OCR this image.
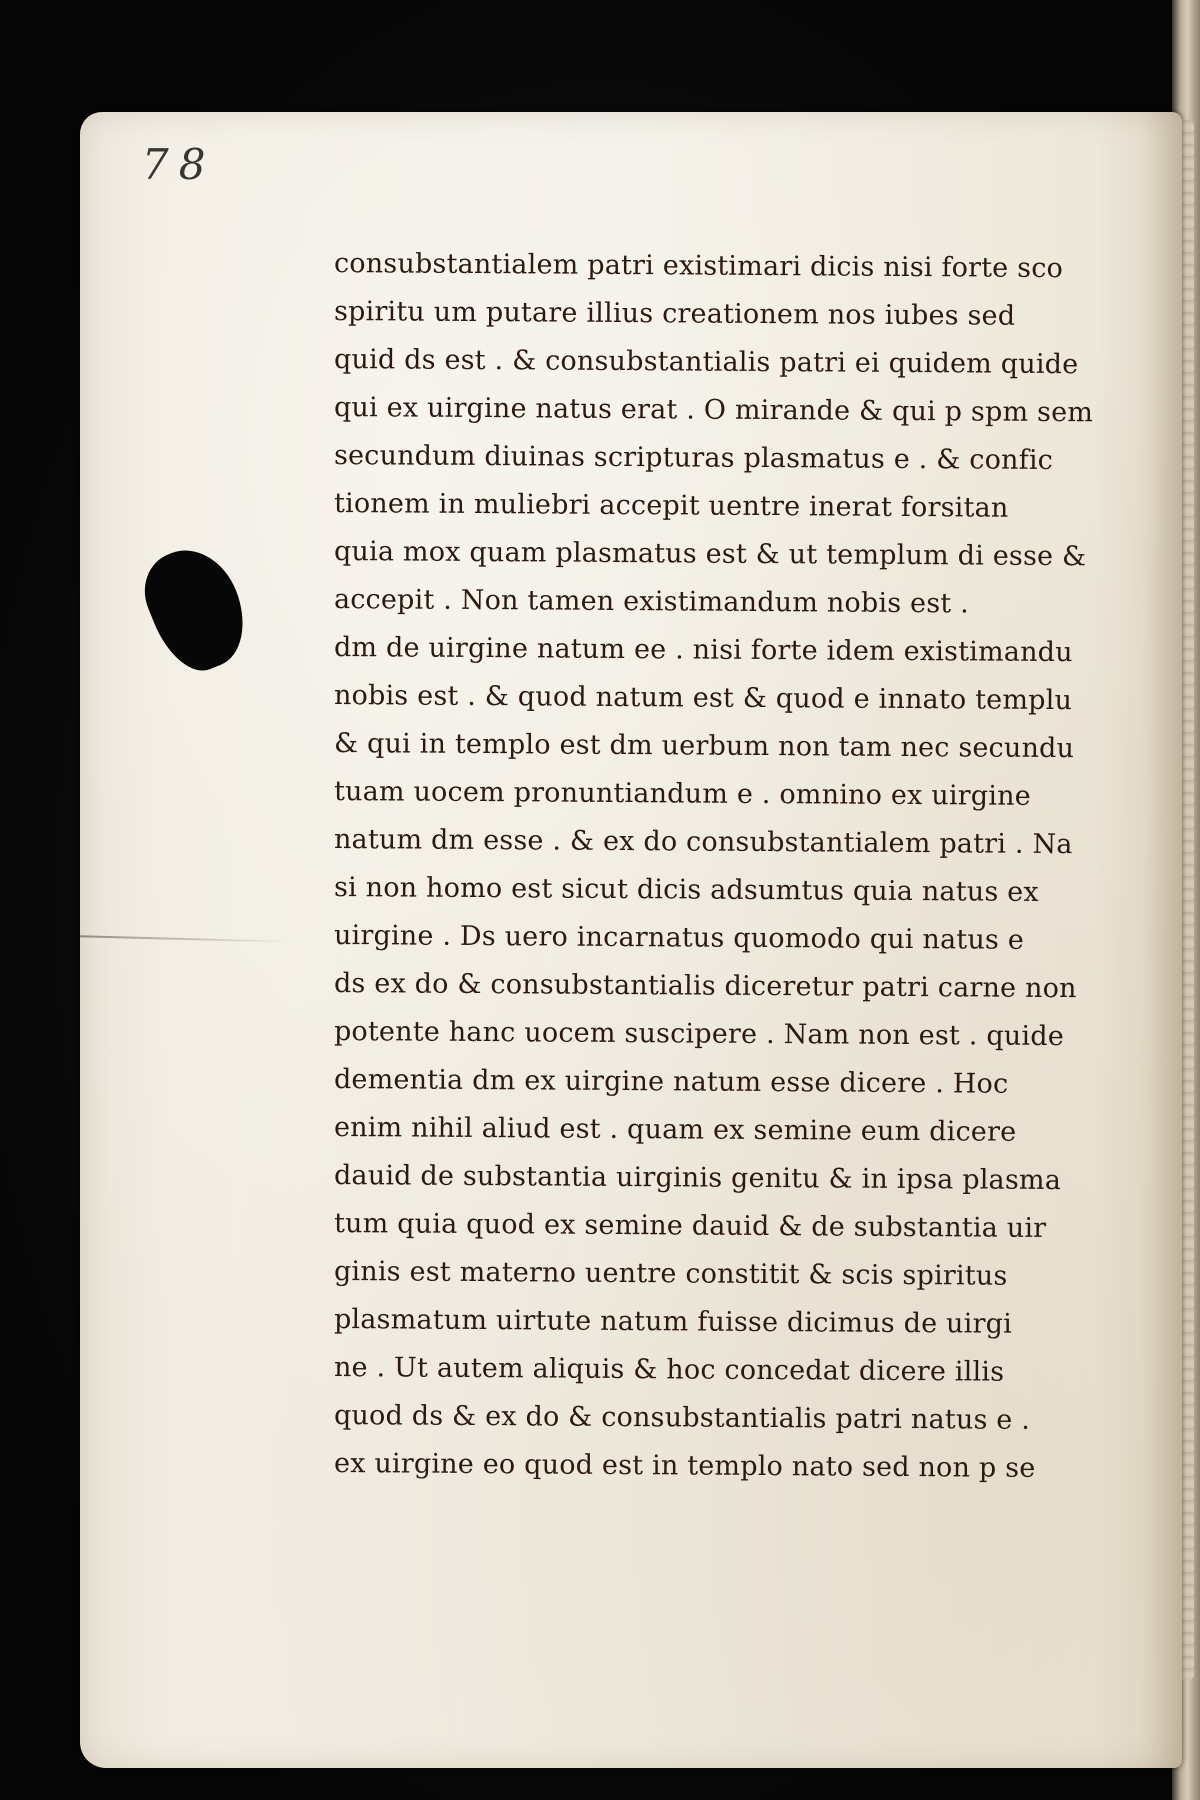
78
consubstantialem patri existimari dicis nisi forte sco
spiritu um putare illius creationem nos iubes sed
quid ds est . & consubstantialis patri ei quidem quide
qui ex uirgine natus erat . O mirande & qui p spm sem
secundum diuinas scripturas plasmatus e . & confic
tionem in muliebri accepit uentre inerat forsitan
quia mox quam plasmatus est & ut templum di esse &
accepit . Non tamen existimandum nobis est .
dm de uirgine natum ee . nisi forte idem existimandu
nobis est . & quod natum est & quod e innato templu
& qui in templo est dm uerbum non tam nec secundu
tuam uocem pronuntiandum e . omnino ex uirgine
natum dm esse . & ex do consubstantialem patri . Na
si non homo est sicut dicis adsumtus quia natus ex
uirgine . Ds uero incarnatus quomodo qui natus e
ds ex do & consubstantialis diceretur patri carne non
potente hanc uocem suscipere . Nam non est . quide
dementia dm ex uirgine natum esse dicere . Hoc
enim nihil aliud est . quam ex semine eum dicere
dauid de substantia uirginis genitu & in ipsa plasma
tum quia quod ex semine dauid & de substantia uir
ginis est materno uentre constitit & scis spiritus
plasmatum uirtute natum fuisse dicimus de uirgi
ne . Ut autem aliquis & hoc concedat dicere illis
quod ds & ex do & consubstantialis patri natus e .
ex uirgine eo quod est in templo nato sed non p se
